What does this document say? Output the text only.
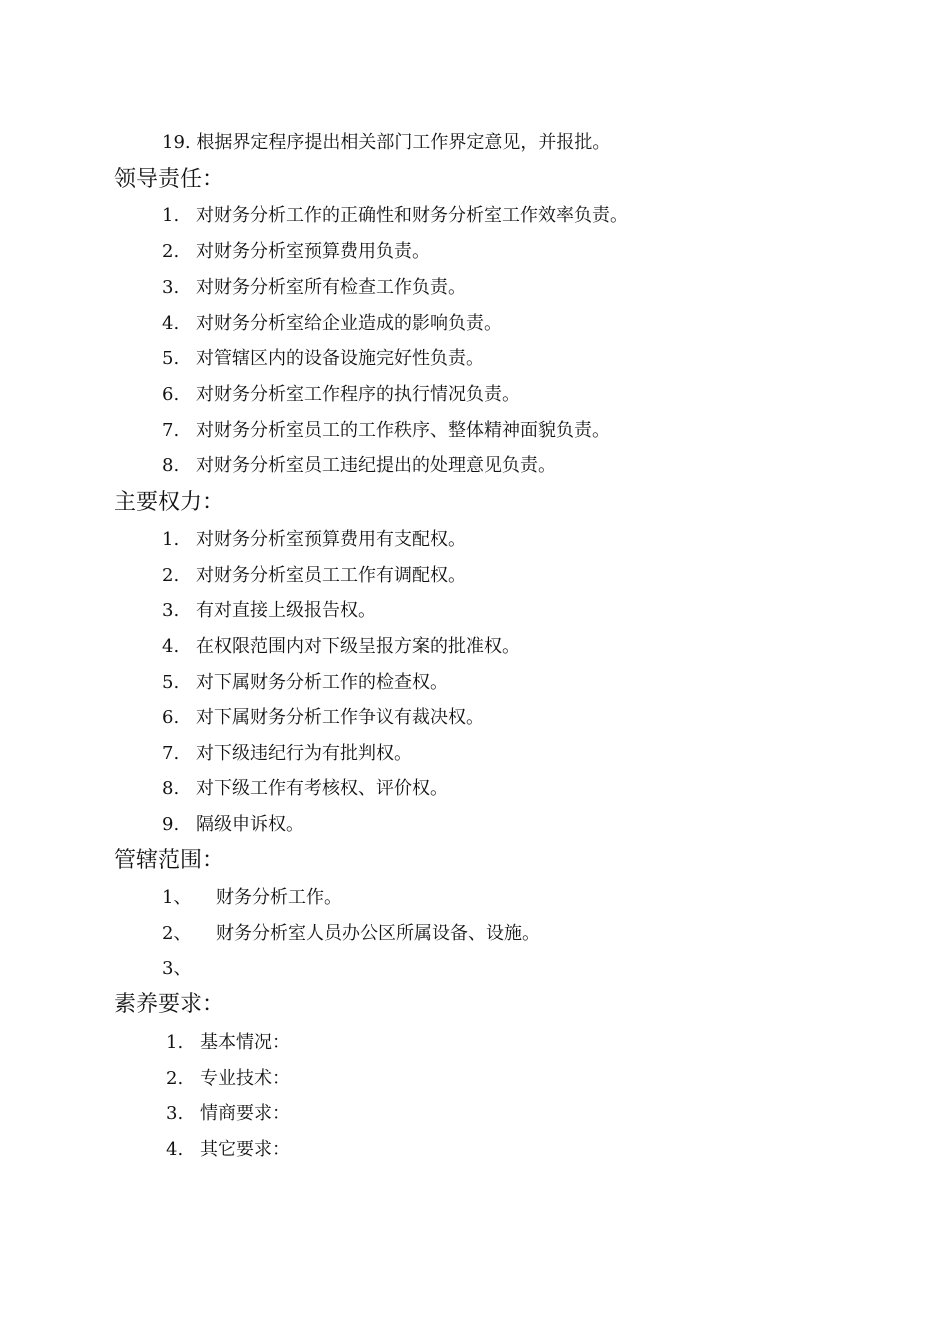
19. 根据界定程序提出相关部门工作界定意见，并报批。
领导责任：
1. 对财务分析工作的正确性和财务分析室工作效率负责。
2. 对财务分析室预算费用负责。
3. 对财务分析室所有检查工作负责。
4. 对财务分析室给企业造成的影响负责。
5. 对管辖区内的设备设施完好性负责。
6. 对财务分析室工作程序的执行情况负责。
7. 对财务分析室员工的工作秩序、整体精神面貌负责。
8. 对财务分析室员工违纪提出的处理意见负责。
主要权力：
1. 对财务分析室预算费用有支配权。
2. 对财务分析室员工工作有调配权。
3. 有对直接上级报告权。
4. 在权限范围内对下级呈报方案的批准权。
5. 对下属财务分析工作的检查权。
6. 对下属财务分析工作争议有裁决权。
7. 对下级违纪行为有批判权。
8. 对下级工作有考核权、评价权。
9. 隔级申诉权。
管辖范围：
1、 财务分析工作。
2、 财务分析室人员办公区所属设备、设施。
3、
素养要求：
1. 基本情况：
2. 专业技术：
3. 情商要求：
4. 其它要求：
